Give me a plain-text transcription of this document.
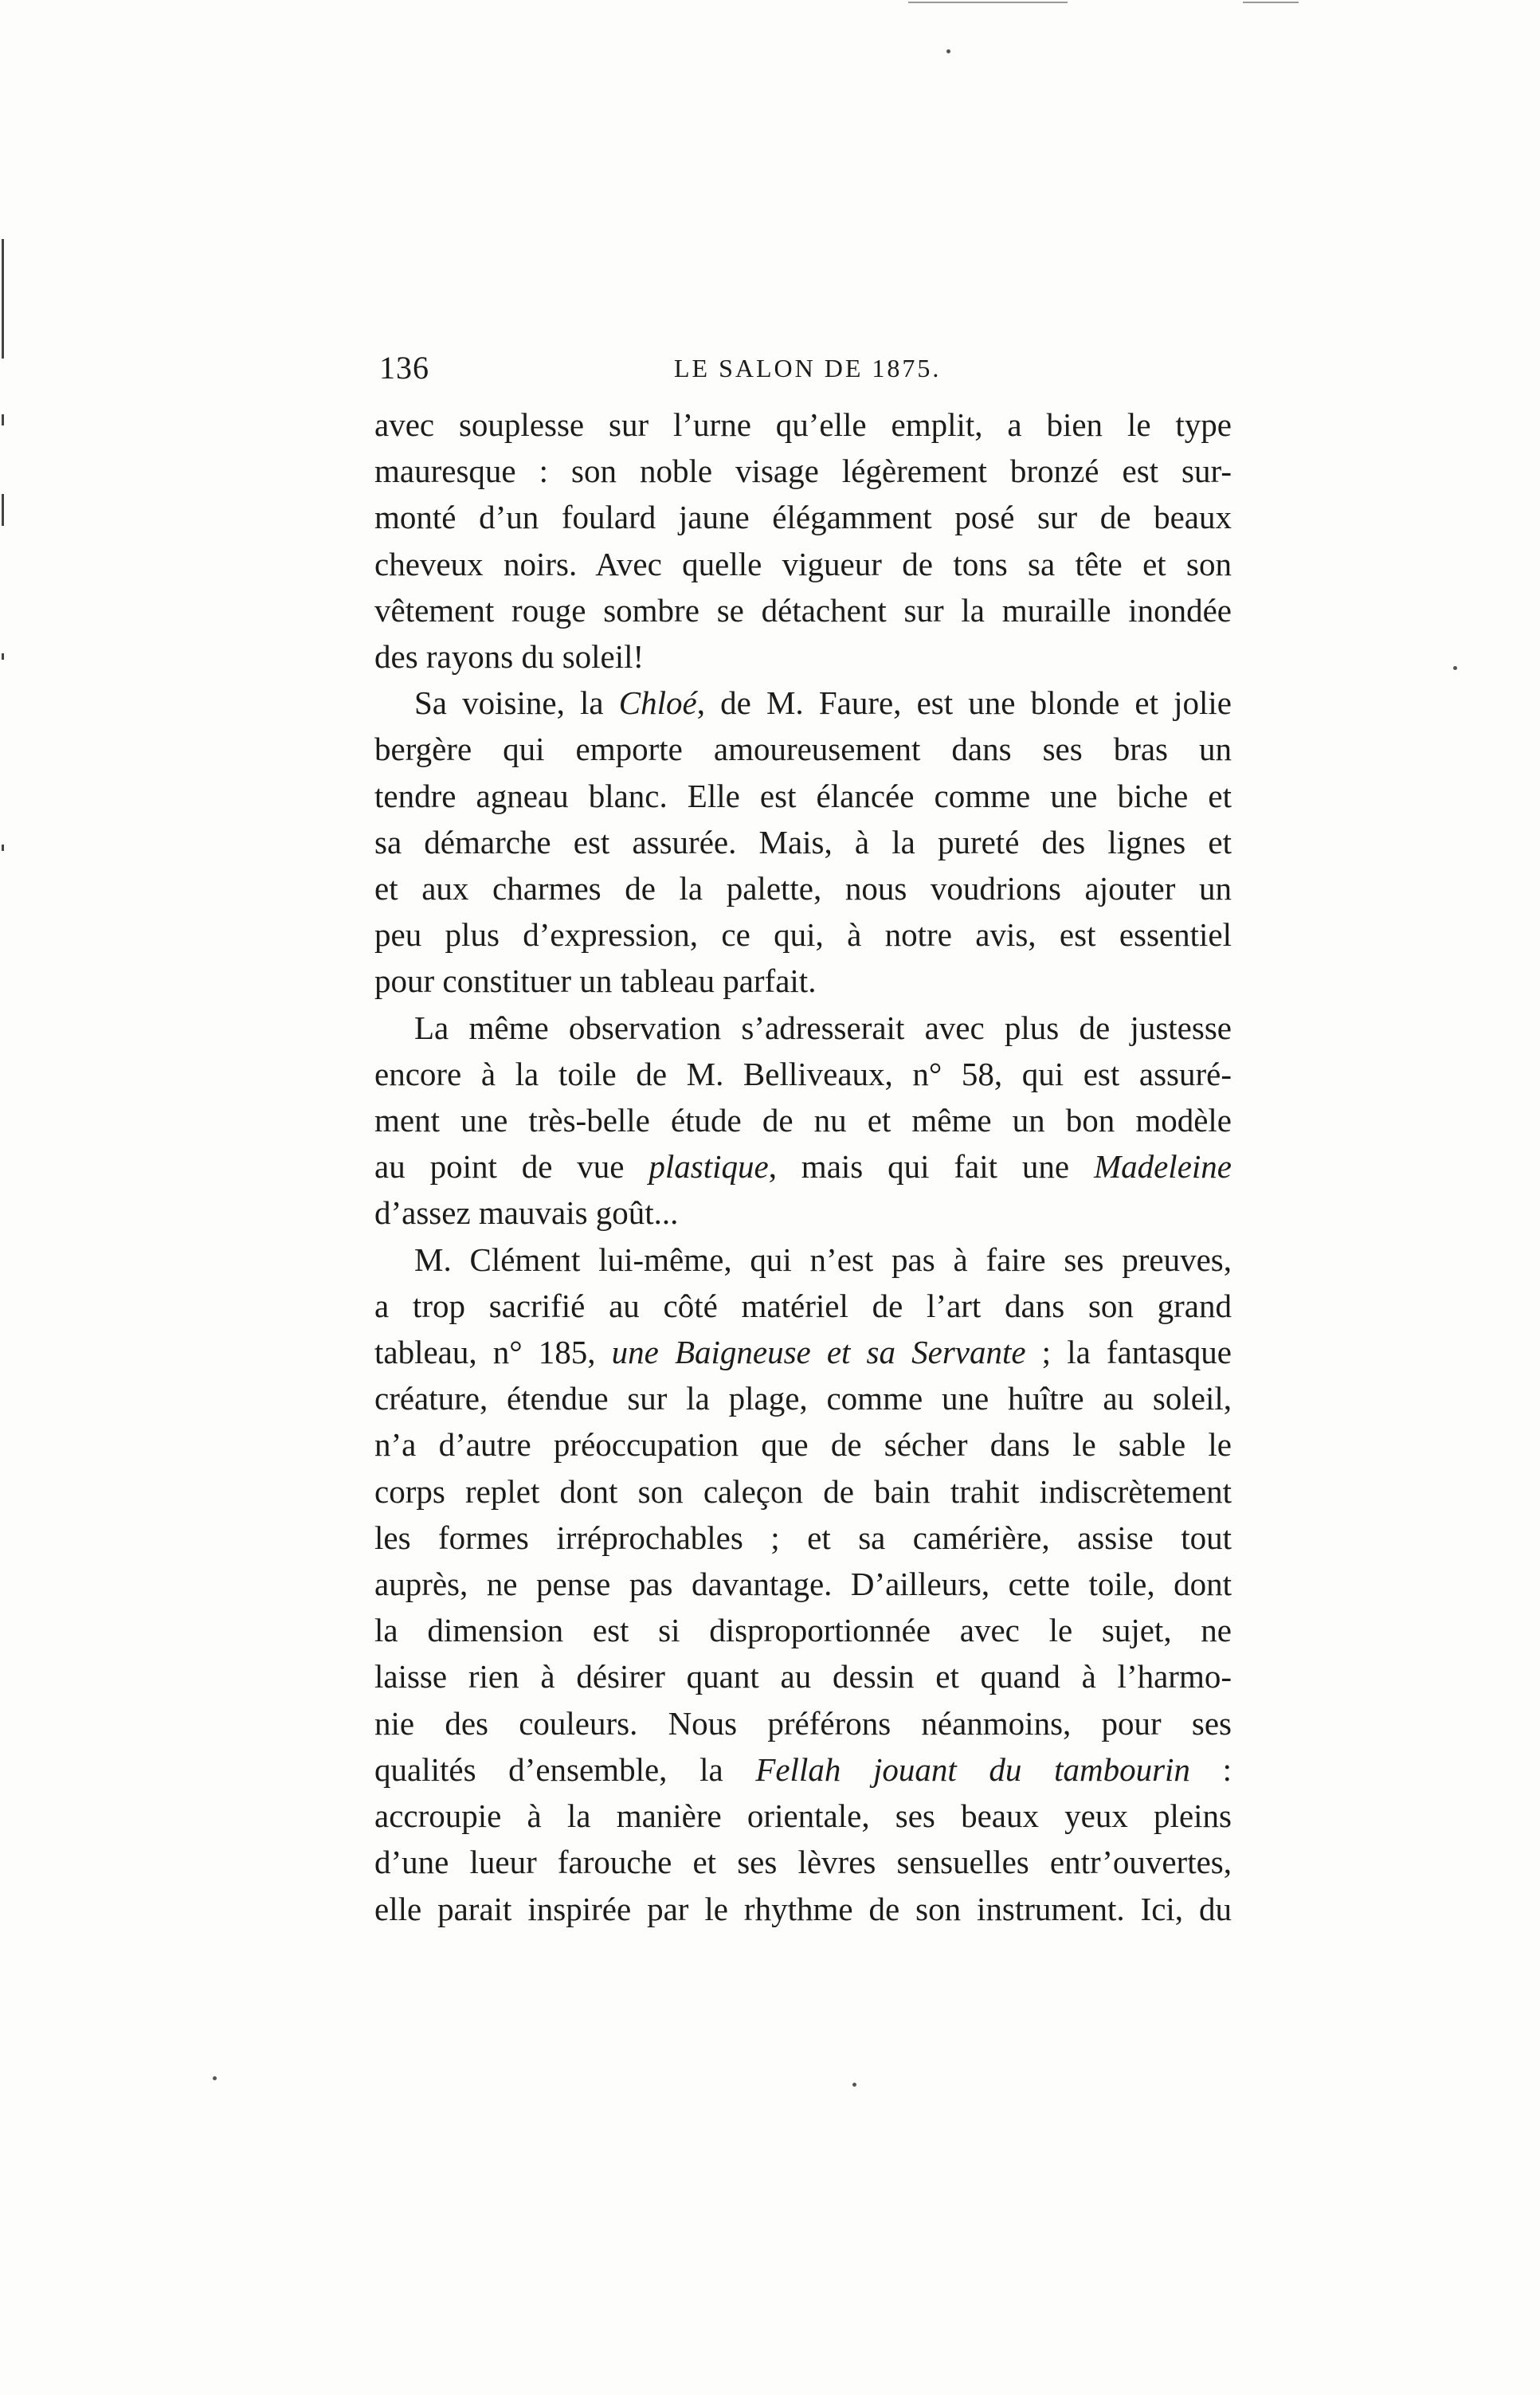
136	LE SALON DE 1875.

avec souplesse sur l’urne qu’elle emplit, a bien le type
mauresque : son noble visage légèrement bronzé est sur-
monté d’un foulard jaune élégamment posé sur de beaux
cheveux noirs. Avec quelle vigueur de tons sa tête et son
vêtement rouge sombre se détachent sur la muraille inondée
des rayons du soleil!

Sa voisine, la Chloé, de M. Faure, est une blonde et jolie
bergère qui emporte amoureusement dans ses bras un
tendre agneau blanc. Elle est élancée comme une biche et
sa démarche est assurée. Mais, à la pureté des lignes et
et aux charmes de la palette, nous voudrions ajouter un
peu plus d’expression, ce qui, à notre avis, est essentiel
pour constituer un tableau parfait.

La même observation s’adresserait avec plus de justesse
encore à la toile de M. Belliveaux, n° 58, qui est assuré-
ment une très-belle étude de nu et même un bon modèle
au point de vue plastique, mais qui fait une Madeleine
d’assez mauvais goût...

M. Clément lui-même, qui n’est pas à faire ses preuves,
a trop sacrifié au côté matériel de l’art dans son grand
tableau, n° 185, une Baigneuse et sa Servante ; la fantasque
créature, étendue sur la plage, comme une huître au soleil,
n’a d’autre préoccupation que de sécher dans le sable le
corps replet dont son caleçon de bain trahit indiscrètement
les formes irréprochables ; et sa camérière, assise tout
auprès, ne pense pas davantage. D’ailleurs, cette toile, dont
la dimension est si disproportionnée avec le sujet, ne
laisse rien à désirer quant au dessin et quand à l’harmo-
nie des couleurs. Nous préférons néanmoins, pour ses
qualités d’ensemble, la Fellah jouant du tambourin :
accroupie à la manière orientale, ses beaux yeux pleins
d’une lueur farouche et ses lèvres sensuelles entr’ouvertes,
elle parait inspirée par le rhythme de son instrument. Ici, du
